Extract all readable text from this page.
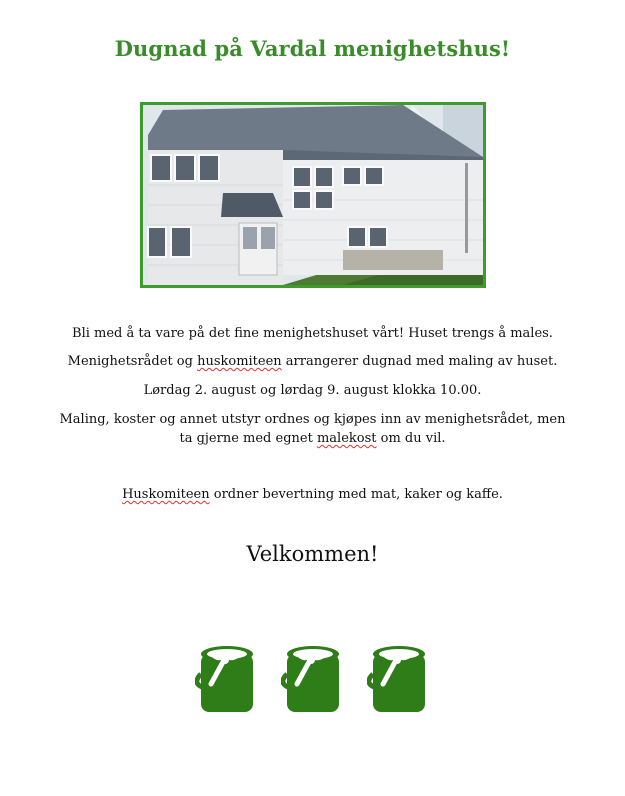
Dugnad på Vardal menighetshus!
Bli med å ta vare på det fine menighetshuset vårt! Huset trengs å males.
Menighetsrådet og huskomiteen arrangerer dugnad med maling av huset.
Lørdag 2. august og lørdag 9. august klokka 10.00.
Maling, koster og annet utstyr ordnes og kjøpes inn av menighetsrådet, men ta gjerne med egnet malekost om du vil.
Huskomiteen ordner bevertning med mat, kaker og kaffe.
Velkommen!
